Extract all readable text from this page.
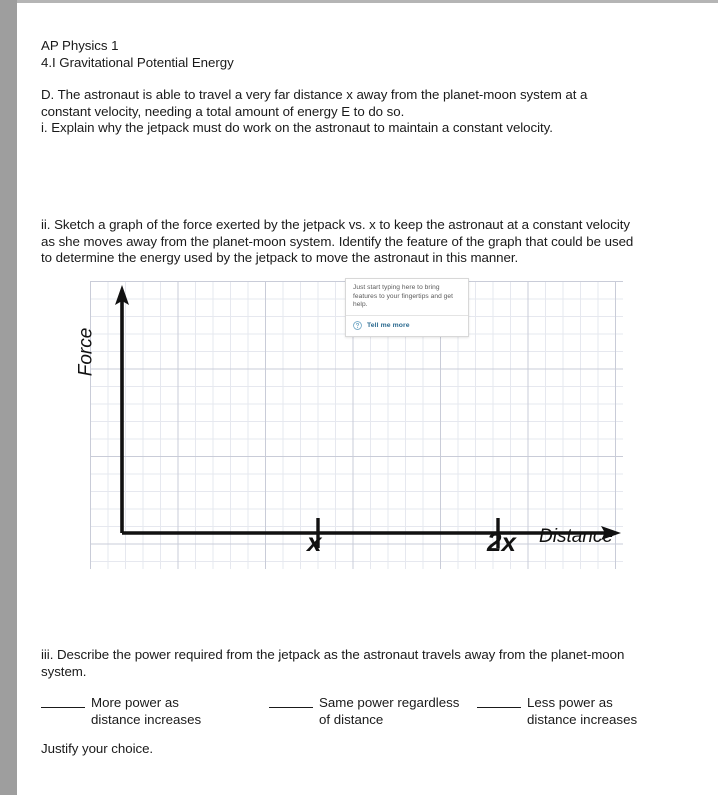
AP Physics 1
4.I Gravitational Potential Energy
D. The astronaut is able to travel a very far distance x away from the planet-moon system at a
constant velocity, needing a total amount of energy E to do so.
i. Explain why the jetpack must do work on the astronaut to maintain a constant velocity.
ii. Sketch a graph of the force exerted by the jetpack vs. x to keep the astronaut at a constant velocity
as she moves away from the planet-moon system. Identify the feature of the graph that could be used
to determine the energy used by the jetpack to move the astronaut in this manner.
Force
Distance
x	2x
Just start typing here to bring features to your fingertips and get help.
Tell me more
iii. Describe the power required from the jetpack as the astronaut travels away from the planet-moon
system.
More power as
distance increases
Same power regardless
of distance
Less power as
distance increases
Justify your choice.
